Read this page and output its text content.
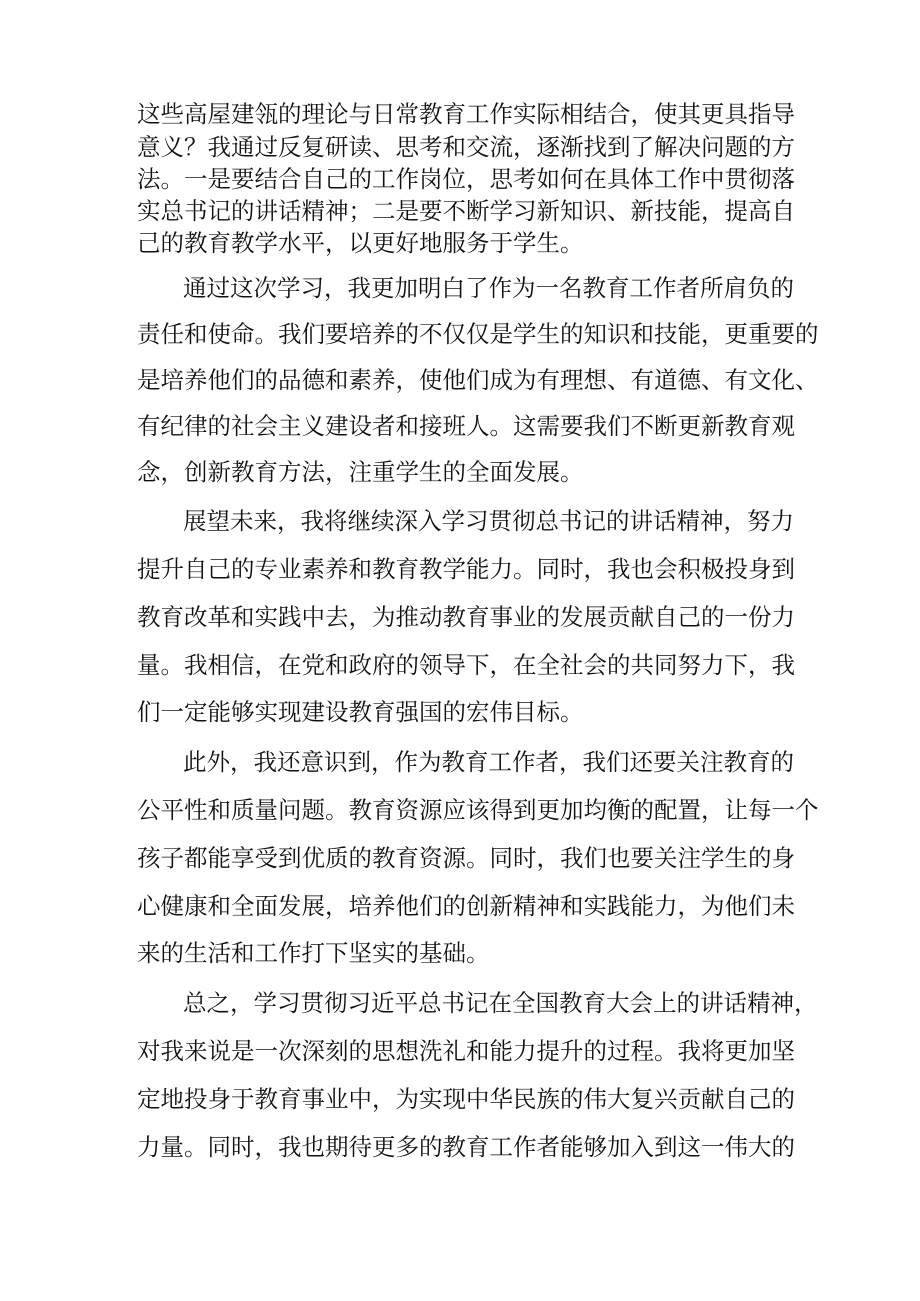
这些高屋建瓴的理论与日常教育工作实际相结合，使其更具指导
意义？我通过反复研读、思考和交流，逐渐找到了解决问题的方
法。一是要结合自己的工作岗位，思考如何在具体工作中贯彻落
实总书记的讲话精神；二是要不断学习新知识、新技能，提高自
己的教育教学水平，以更好地服务于学生。
通过这次学习，我更加明白了作为一名教育工作者所肩负的
责任和使命。我们要培养的不仅仅是学生的知识和技能，更重要的
是培养他们的品德和素养，使他们成为有理想、有道德、有文化、
有纪律的社会主义建设者和接班人。这需要我们不断更新教育观
念，创新教育方法，注重学生的全面发展。
展望未来，我将继续深入学习贯彻总书记的讲话精神，努力
提升自己的专业素养和教育教学能力。同时，我也会积极投身到
教育改革和实践中去，为推动教育事业的发展贡献自己的一份力
量。我相信，在党和政府的领导下，在全社会的共同努力下，我
们一定能够实现建设教育强国的宏伟目标。
此外，我还意识到，作为教育工作者，我们还要关注教育的
公平性和质量问题。教育资源应该得到更加均衡的配置，让每一个
孩子都能享受到优质的教育资源。同时，我们也要关注学生的身
心健康和全面发展，培养他们的创新精神和实践能力，为他们未
来的生活和工作打下坚实的基础。
总之，学习贯彻习近平总书记在全国教育大会上的讲话精神，
对我来说是一次深刻的思想洗礼和能力提升的过程。我将更加坚
定地投身于教育事业中，为实现中华民族的伟大复兴贡献自己的
力量。同时，我也期待更多的教育工作者能够加入到这一伟大的
